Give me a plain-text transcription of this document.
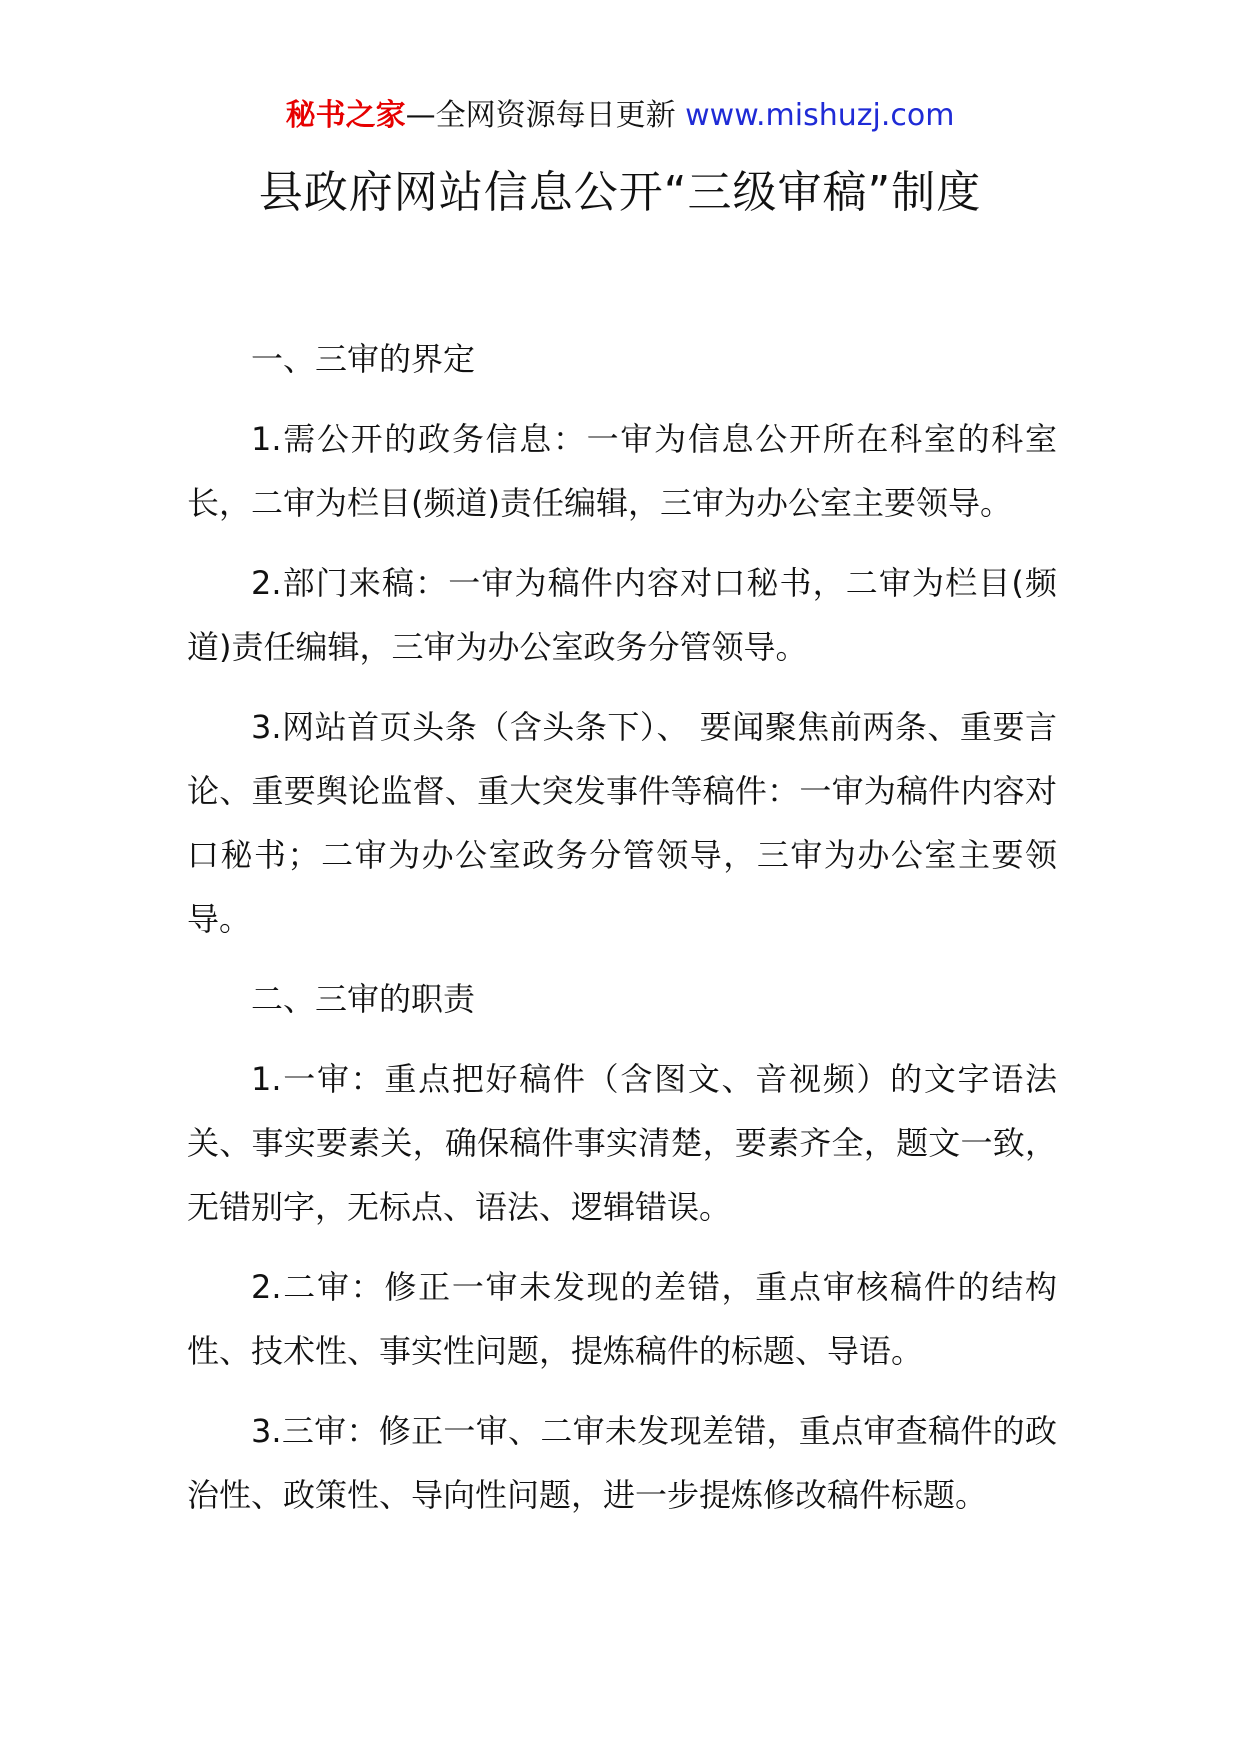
秘书之家—全网资源每日更新 www.mishuzj.com
县政府网站信息公开“三级审稿”制度

一、三审的界定

1.需公开的政务信息：一审为信息公开所在科室的科室长，二审为栏目(频道)责任编辑，三审为办公室主要领导。

2.部门来稿：一审为稿件内容对口秘书，二审为栏目(频道)责任编辑，三审为办公室政务分管领导。

3.网站首页头条（含头条下）、 要闻聚焦前两条、重要言论、重要舆论监督、重大突发事件等稿件：一审为稿件内容对口秘书；二审为办公室政务分管领导，三审为办公室主要领导。

二、三审的职责

1.一审：重点把好稿件（含图文、音视频）的文字语法关、事实要素关，确保稿件事实清楚，要素齐全，题文一致，无错别字，无标点、语法、逻辑错误。

2.二审：修正一审未发现的差错，重点审核稿件的结构性、技术性、事实性问题，提炼稿件的标题、导语。

3.三审：修正一审、二审未发现差错，重点审查稿件的政治性、政策性、导向性问题，进一步提炼修改稿件标题。
